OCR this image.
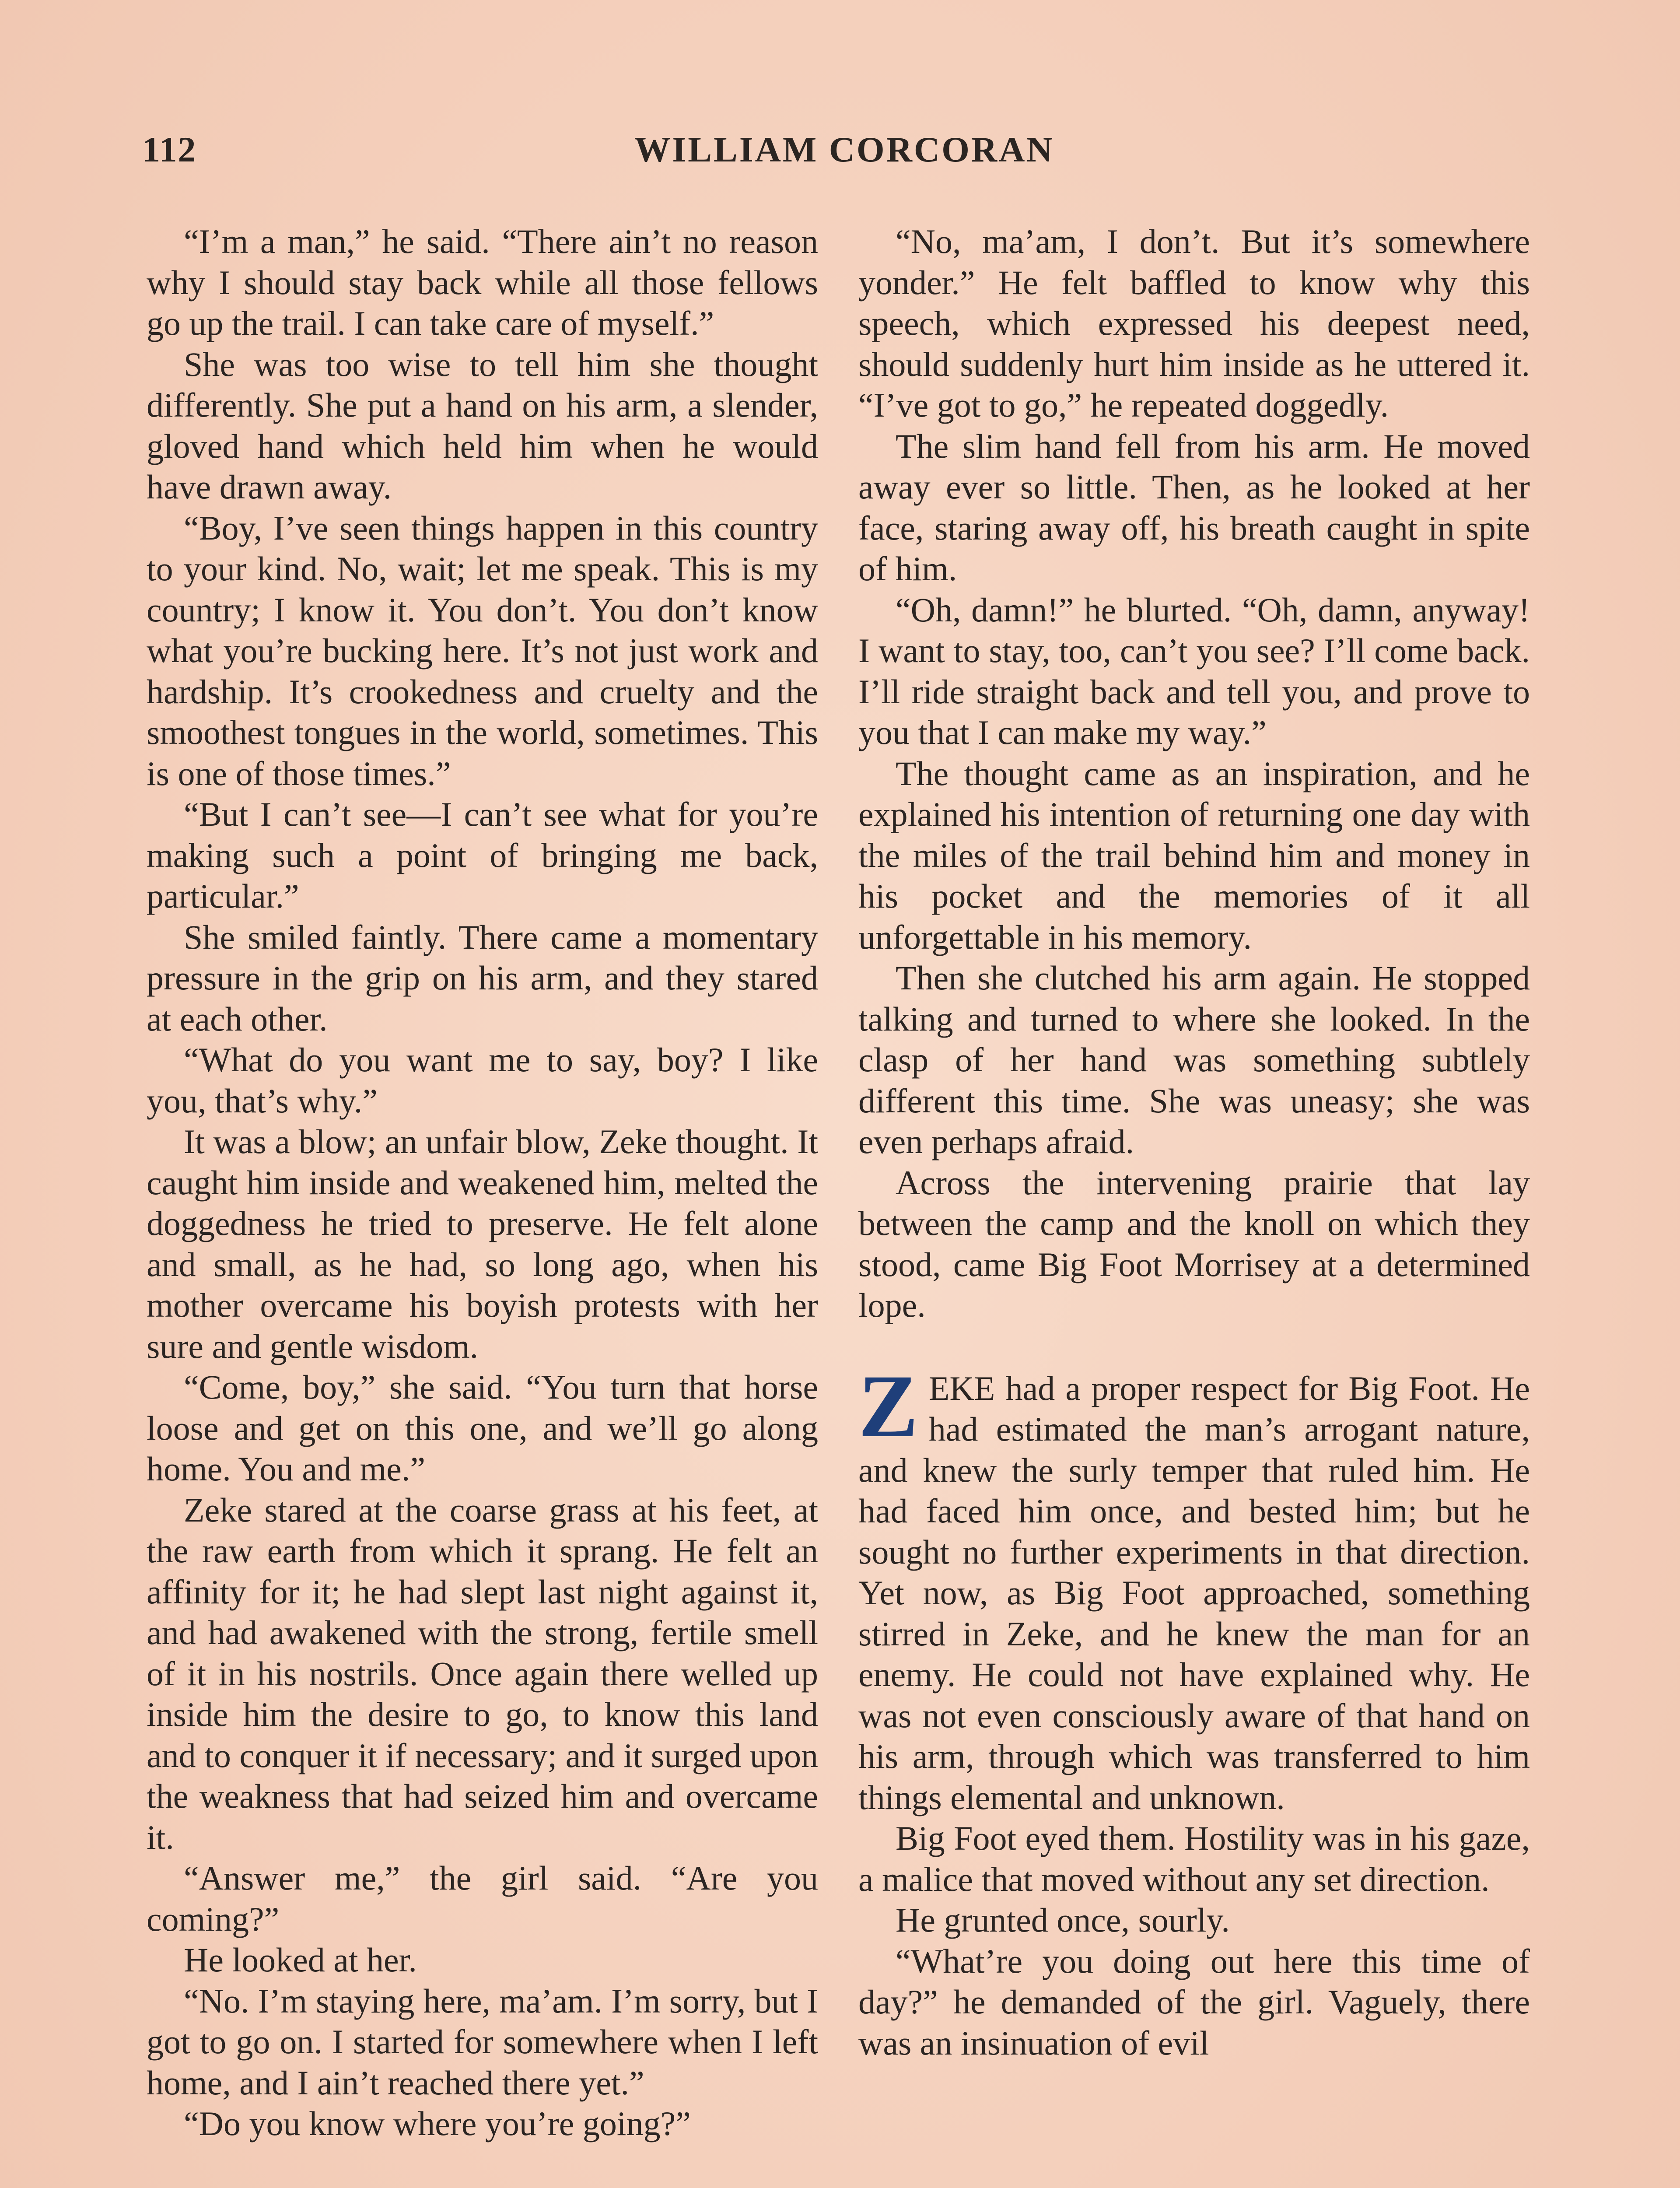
112	WILLIAM CORCORAN

“I’m a man,” he said. “There ain’t no reason why I should stay back while all those fellows go up the trail. I can take care of myself.”

She was too wise to tell him she thought differently. She put a hand on his arm, a slender, gloved hand which held him when he would have drawn away.

“Boy, I’ve seen things happen in this country to your kind. No, wait; let me speak. This is my country; I know it. You don’t. You don’t know what you’re bucking here. It’s not just work and hardship. It’s crookedness and cruelty and the smoothest tongues in the world, sometimes. This is one of those times.”

“But I can’t see—I can’t see what for you’re making such a point of bringing me back, particular.”

She smiled faintly. There came a momentary pressure in the grip on his arm, and they stared at each other.

“What do you want me to say, boy? I like you, that’s why.”

It was a blow; an unfair blow, Zeke thought. It caught him inside and weakened him, melted the doggedness he tried to preserve. He felt alone and small, as he had, so long ago, when his mother overcame his boyish protests with her sure and gentle wisdom.

“Come, boy,” she said. “You turn that horse loose and get on this one, and we’ll go along home. You and me.”

Zeke stared at the coarse grass at his feet, at the raw earth from which it sprang. He felt an affinity for it; he had slept last night against it, and had awakened with the strong, fertile smell of it in his nostrils. Once again there welled up inside him the desire to go, to know this land and to conquer it if necessary; and it surged upon the weakness that had seized him and overcame it.

“Answer me,” the girl said. “Are you coming?”

He looked at her.

“No. I’m staying here, ma’am. I’m sorry, but I got to go on. I started for somewhere when I left home, and I ain’t reached there yet.”

“Do you know where you’re going?”

“No, ma’am, I don’t. But it’s somewhere yonder.” He felt baffled to know why this speech, which expressed his deepest need, should suddenly hurt him inside as he uttered it. “I’ve got to go,” he repeated doggedly.

The slim hand fell from his arm. He moved away ever so little. Then, as he looked at her face, staring away off, his breath caught in spite of him.

“Oh, damn!” he blurted. “Oh, damn, anyway! I want to stay, too, can’t you see? I’ll come back. I’ll ride straight back and tell you, and prove to you that I can make my way.”

The thought came as an inspiration, and he explained his intention of returning one day with the miles of the trail behind him and money in his pocket and the memories of it all unforgettable in his memory.

Then she clutched his arm again. He stopped talking and turned to where she looked. In the clasp of her hand was something subtlely different this time. She was uneasy; she was even perhaps afraid.

Across the intervening prairie that lay between the camp and the knoll on which they stood, came Big Foot Morrisey at a determined lope.

ZEKE had a proper respect for Big Foot. He had estimated the man’s arrogant nature, and knew the surly temper that ruled him. He had faced him once, and bested him; but he sought no further experiments in that direction. Yet now, as Big Foot approached, something stirred in Zeke, and he knew the man for an enemy. He could not have explained why. He was not even consciously aware of that hand on his arm, through which was transferred to him things elemental and unknown.

Big Foot eyed them. Hostility was in his gaze, a malice that moved without any set direction.

He grunted once, sourly.

“What’re you doing out here this time of day?” he demanded of the girl. Vaguely, there was an insinuation of evil
